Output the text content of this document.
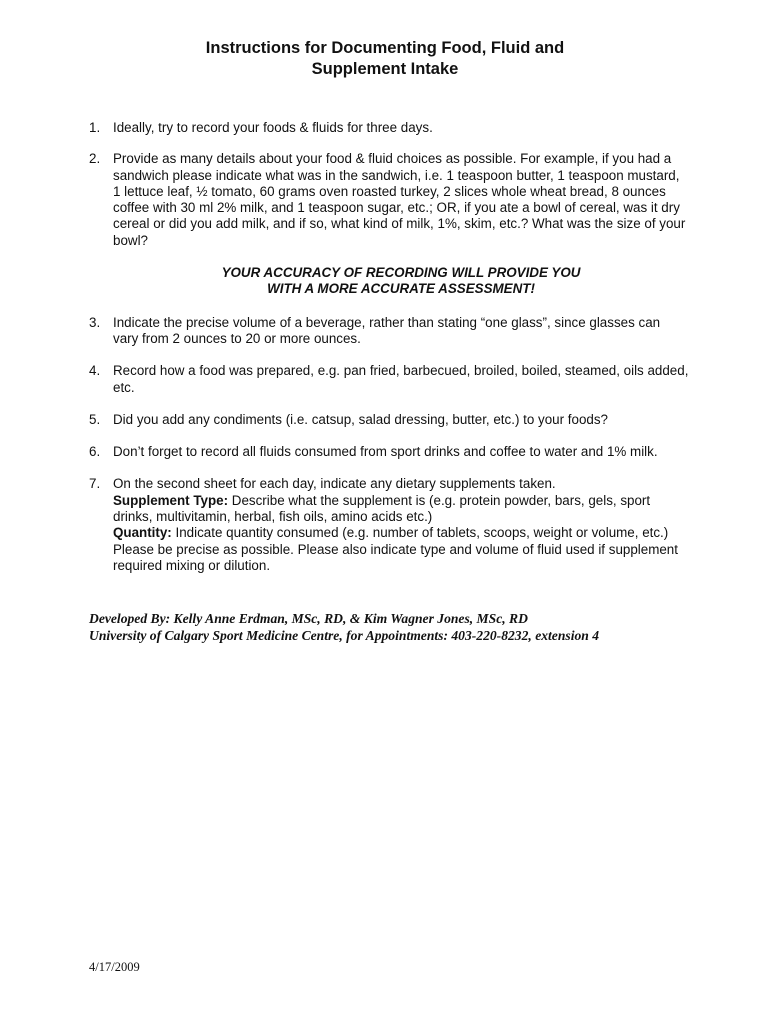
Instructions for Documenting Food, Fluid and
Supplement Intake
1. Ideally, try to record your foods & fluids for three days.

2. Provide as many details about your food & fluid choices as possible. For example, if you had a sandwich please indicate what was in the sandwich, i.e. 1 teaspoon butter, 1 teaspoon mustard, 1 lettuce leaf, ½ tomato, 60 grams oven roasted turkey, 2 slices whole wheat bread, 8 ounces coffee with 30 ml 2% milk, and 1 teaspoon sugar, etc.; OR, if you ate a bowl of cereal, was it dry cereal or did you add milk, and if so, what kind of milk, 1%, skim, etc.? What was the size of your bowl?

YOUR ACCURACY OF RECORDING WILL PROVIDE YOU
WITH A MORE ACCURATE ASSESSMENT!
3. Indicate the precise volume of a beverage, rather than stating “one glass”, since glasses can vary from 2 ounces to 20 or more ounces.

4. Record how a food was prepared, e.g. pan fried, barbecued, broiled, boiled, steamed, oils added, etc.

5. Did you add any condiments (i.e. catsup, salad dressing, butter, etc.) to your foods?

6. Don’t forget to record all fluids consumed from sport drinks and coffee to water and 1% milk.

7. On the second sheet for each day, indicate any dietary supplements taken.

Supplement Type: Describe what the supplement is (e.g. protein powder, bars, gels, sport drinks, multivitamin, herbal, fish oils, amino acids etc.)

Quantity: Indicate quantity consumed (e.g. number of tablets, scoops, weight or volume, etc.) Please be precise as possible. Please also indicate type and volume of fluid used if supplement required mixing or dilution.

Developed By: Kelly Anne Erdman, MSc, RD, & Kim Wagner Jones, MSc, RD
University of Calgary Sport Medicine Centre, for Appointments: 403-220-8232, extension 4
4/17/2009
